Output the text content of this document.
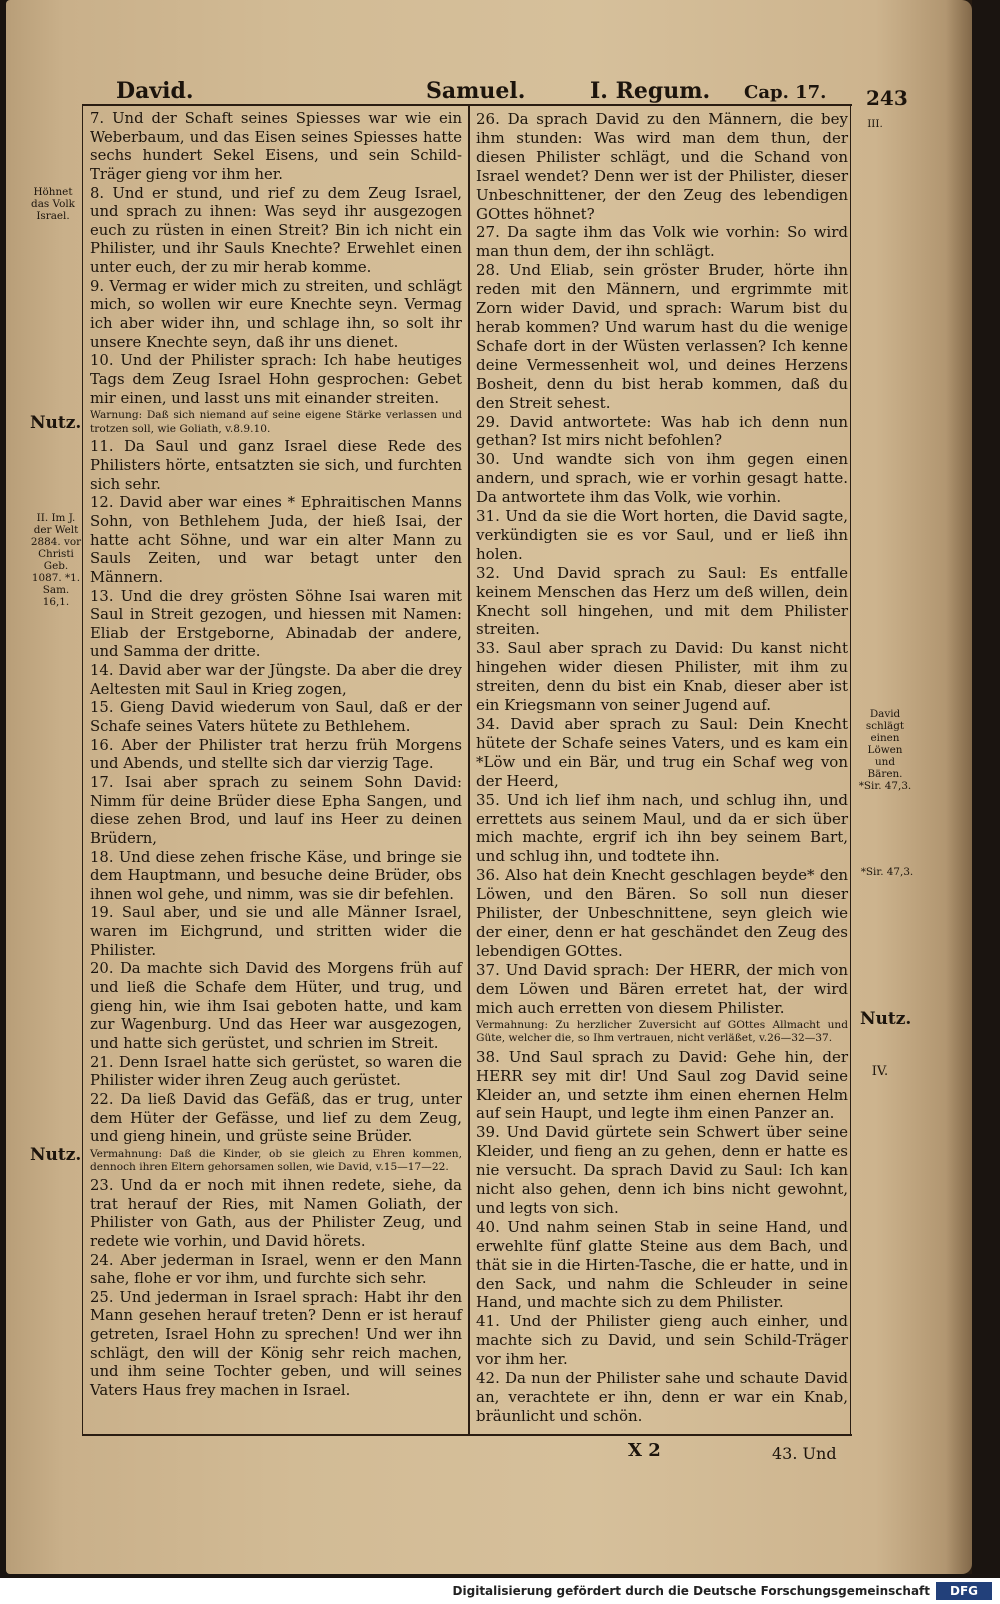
David.	Samuel.	I. Regum. Cap. 17. 243
III.

7. Und der Schaft seines Spiesses war wie ein Weberbaum, und das Eisen seines Spiesses hatte sechs hundert Sekel Eisens, und sein Schild-Träger gieng vor ihm her.

8. Und er stund, und rief zu dem Zeug Israel, und sprach zu ihnen: Was seyd ihr ausgezogen euch zu rüsten in einen Streit? Bin ich nicht ein Philister, und ihr Sauls Knechte? Erwehlet einen unter euch, der zu mir herab komme.

9. Vermag er wider mich zu streiten, und schlägt mich, so wollen wir eure Knechte seyn. Vermag ich aber wider ihn, und schlage ihn, so solt ihr unsere Knechte seyn, daß ihr uns dienet.

10. Und der Philister sprach: Ich habe heutiges Tags dem Zeug Israel Hohn gesprochen: Gebet mir einen, und lasst uns mit einander streiten.

Warnung: Daß sich niemand auf seine eigene Stärke verlassen und trotzen soll, wie Goliath, v.8.9.10.

11. Da Saul und ganz Israel diese Rede des Philisters hörte, entsatzten sie sich, und furchten sich sehr.

12. David aber war eines * Ephraitischen Manns Sohn, von Bethlehem Juda, der hieß Isai, der hatte acht Söhne, und war ein alter Mann zu Sauls Zeiten, und war betagt unter den Männern.

13. Und die drey grösten Söhne Isai waren mit Saul in Streit gezogen, und hiessen mit Namen: Eliab der Erstgeborne, Abinadab der andere, und Samma der dritte.

14. David aber war der Jüngste. Da aber die drey Aeltesten mit Saul in Krieg zogen,

15. Gieng David wiederum von Saul, daß er der Schafe seines Vaters hütete zu Bethlehem.

16. Aber der Philister trat herzu früh Morgens und Abends, und stellte sich dar vierzig Tage.

17. Isai aber sprach zu seinem Sohn David: Nimm für deine Brüder diese Epha Sangen, und diese zehen Brod, und lauf ins Heer zu deinen Brüdern,

18. Und diese zehen frische Käse, und bringe sie dem Hauptmann, und besuche deine Brüder, obs ihnen wol gehe, und nimm, was sie dir befehlen.

19. Saul aber, und sie und alle Männer Israel, waren im Eichgrund, und stritten wider die Philister.

20. Da machte sich David des Morgens früh auf und ließ die Schafe dem Hüter, und trug, und gieng hin, wie ihm Isai geboten hatte, und kam zur Wagenburg. Und das Heer war ausgezogen, und hatte sich gerüstet, und schrien im Streit.

21. Denn Israel hatte sich gerüstet, so waren die Philister wider ihren Zeug auch gerüstet.

22. Da ließ David das Gefäß, das er trug, unter dem Hüter der Gefässe, und lief zu dem Zeug, und gieng hinein, und grüste seine Brüder.

Vermahnung: Daß die Kinder, ob sie gleich zu Ehren kommen, dennoch ihren Eltern gehorsamen sollen, wie David, v.15—17—22.

23. Und da er noch mit ihnen redete, siehe, da trat herauf der Ries, mit Namen Goliath, der Philister von Gath, aus der Philister Zeug, und redete wie vorhin, und David hörets.

24. Aber jederman in Israel, wenn er den Mann sahe, flohe er vor ihm, und furchte sich sehr.

25. Und jederman in Israel sprach: Habt ihr den Mann gesehen herauf treten? Denn er ist herauf getreten, Israel Hohn zu sprechen! Und wer ihn schlägt, den will der König sehr reich machen, und ihm seine Tochter geben, und will seines Vaters Haus frey machen in Israel.

26. Da sprach David zu den Männern, die bey ihm stunden: Was wird man dem thun, der diesen Philister schlägt, und die Schand von Israel wendet? Denn wer ist der Philister, dieser Unbeschnittener, der den Zeug des lebendigen GOttes höhnet?

27. Da sagte ihm das Volk wie vorhin: So wird man thun dem, der ihn schlägt.

28. Und Eliab, sein gröster Bruder, hörte ihn reden mit den Männern, und ergrimmte mit Zorn wider David, und sprach: Warum bist du herab kommen? Und warum hast du die wenige Schafe dort in der Wüsten verlassen? Ich kenne deine Vermessenheit wol, und deines Herzens Bosheit, denn du bist herab kommen, daß du den Streit sehest.

29. David antwortete: Was hab ich denn nun gethan? Ist mirs nicht befohlen?

30. Und wandte sich von ihm gegen einen andern, und sprach, wie er vorhin gesagt hatte. Da antwortete ihm das Volk, wie vorhin.

31. Und da sie die Wort horten, die David sagte, verkündigten sie es vor Saul, und er ließ ihn holen.

32. Und David sprach zu Saul: Es entfalle keinem Menschen das Herz um deß willen, dein Knecht soll hingehen, und mit dem Philister streiten.

33. Saul aber sprach zu David: Du kanst nicht hingehen wider diesen Philister, mit ihm zu streiten, denn du bist ein Knab, dieser aber ist ein Kriegsmann von seiner Jugend auf.

34. David aber sprach zu Saul: Dein Knecht hütete der Schafe seines Vaters, und es kam ein *Löw und ein Bär, und trug ein Schaf weg von der Heerd,

35. Und ich lief ihm nach, und schlug ihn, und errettets aus seinem Maul, und da er sich über mich machte, ergrif ich ihn bey seinem Bart, und schlug ihn, und todtete ihn.

36. Also hat dein Knecht geschlagen beyde* den Löwen, und den Bären. So soll nun dieser Philister, der Unbeschnittene, seyn gleich wie der einer, denn er hat geschändet den Zeug des lebendigen GOttes.

37. Und David sprach: Der HERR, der mich von dem Löwen und Bären erretet hat, der wird mich auch erretten von diesem Philister.

Vermahnung: Zu herzlicher Zuversicht auf GOttes Allmacht und Güte, welcher die, so Ihm vertrauen, nicht verläßet, v.26—32—37.

38. Und Saul sprach zu David: Gehe hin, der HERR sey mit dir! Und Saul zog David seine Kleider an, und setzte ihm einen ehernen Helm auf sein Haupt, und legte ihm einen Panzer an.

39. Und David gürtete sein Schwert über seine Kleider, und fieng an zu gehen, denn er hatte es nie versucht. Da sprach David zu Saul: Ich kan nicht also gehen, denn ich bins nicht gewohnt, und legts von sich.

40. Und nahm seinen Stab in seine Hand, und erwehlte fünf glatte Steine aus dem Bach, und thät sie in die Hirten-Tasche, die er hatte, und in den Sack, und nahm die Schleuder in seine Hand, und machte sich zu dem Philister.

41. Und der Philister gieng auch einher, und machte sich zu David, und sein Schild-Träger vor ihm her.

42. Da nun der Philister sahe und schaute David an, verachtete er ihn, denn er war ein Knab, bräunlicht und schön.

Höhnet das Volk Israel.
Nutz.
II. Im J. der Welt 2884. vor Christi Geb. 1087. *1. Sam. 16,1.
Nutz.
David schlägt einen Löwen und Bären. *Sir. 47,3.
*Sir. 47,3.
Nutz.
IV.
X 2	43. Und
Digitalisierung gefördert durch die Deutsche Forschungsgemeinschaft	DFG
